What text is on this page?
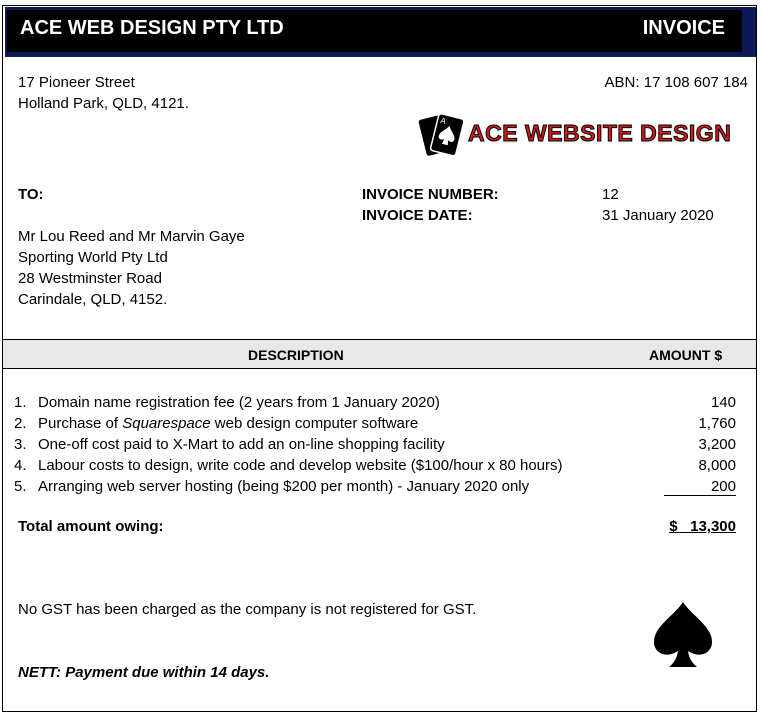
ACE WEB DESIGN PTY LTD	INVOICE
17 Pioneer Street
Holland Park, QLD, 4121.
ABN: 17 108 607 184
A ACE WEBSITE DESIGN
TO:	INVOICE NUMBER:	12
INVOICE DATE:	31 January 2020
Mr Lou Reed and Mr Marvin Gaye
Sporting World Pty Ltd
28 Westminster Road
Carindale, QLD, 4152.
DESCRIPTION	AMOUNT $
1. Domain name registration fee (2 years from 1 January 2020)	140
2. Purchase of Squarespace web design computer software	1,760
3. One-off cost paid to X-Mart to add an on-line shopping facility	3,200
4. Labour costs to design, write code and develop website ($100/hour x 80 hours)	8,000
5. Arranging web server hosting (being $200 per month) - January 2020 only	200
Total amount owing:	$ 13,300
No GST has been charged as the company is not registered for GST.
NETT: Payment due within 14 days.
